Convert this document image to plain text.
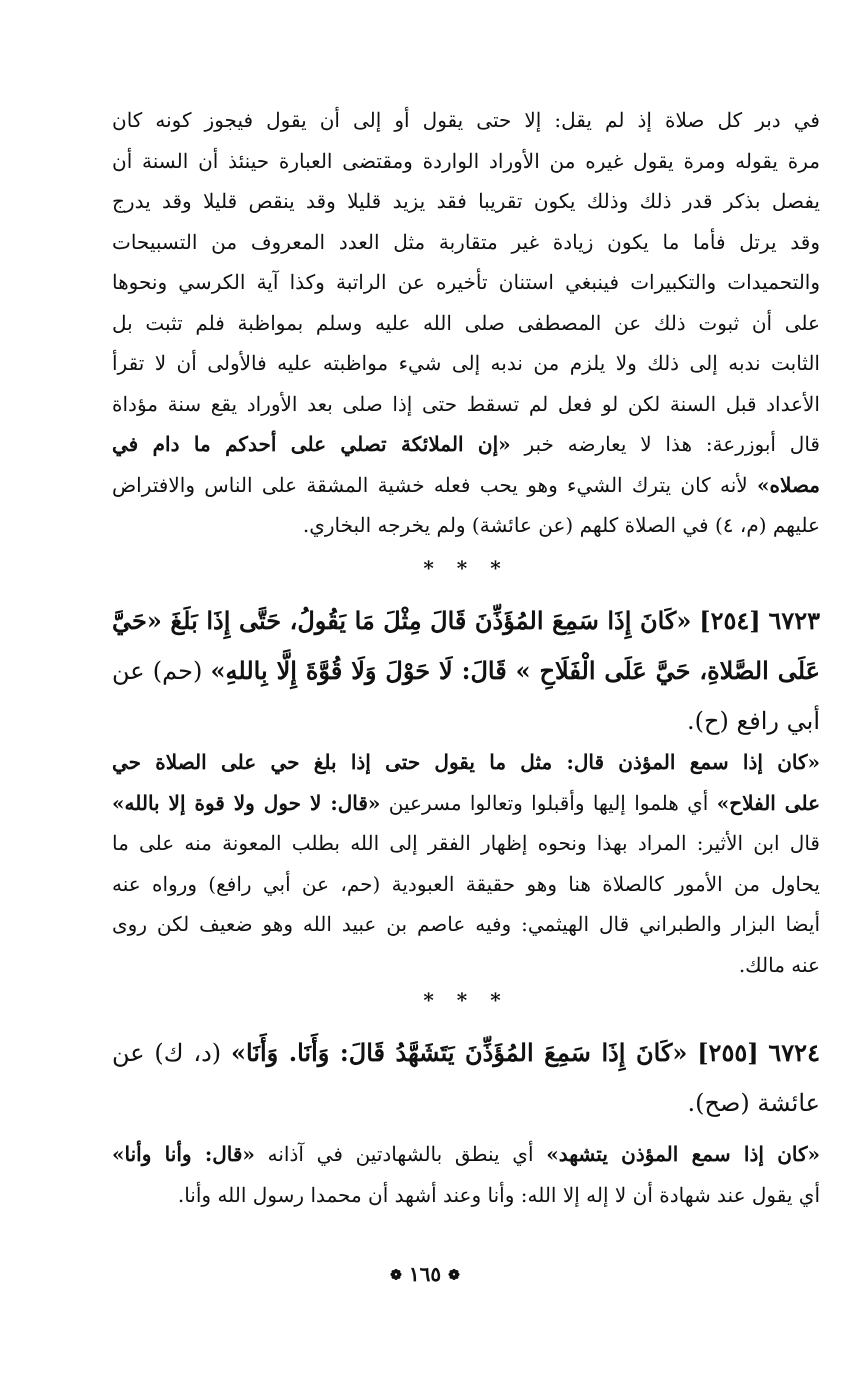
في دبر كل صلاة إذ لم يقل: إلا حتى يقول أو إلى أن يقول فيجوز كونه كان
مرة يقوله ومرة يقول غيره من الأوراد الواردة ومقتضى العبارة حينئذ أن السنة أن
يفصل بذكر قدر ذلك وذلك يكون تقريبا فقد يزيد قليلا وقد ينقص قليلا وقد يدرج
وقد يرتل فأما ما يكون زيادة غير متقاربة مثل العدد المعروف من التسبيحات
والتحميدات والتكبيرات فينبغي استنان تأخيره عن الراتبة وكذا آية الكرسي ونحوها
على أن ثبوت ذلك عن المصطفى صلى الله عليه وسلم بمواظبة فلم تثبت بل
الثابت ندبه إلى ذلك ولا يلزم من ندبه إلى شيء مواظبته عليه فالأولى أن لا تقرأ
الأعداد قبل السنة لكن لو فعل لم تسقط حتى إذا صلى بعد الأوراد يقع سنة مؤداة
قال أبوزرعة: هذا لا يعارضه خبر «إن الملائكة تصلي على أحدكم ما دام في
مصلاه» لأنه كان يترك الشيء وهو يحب فعله خشية المشقة على الناس والافتراض
عليهم (م، ٤) في الصلاة كلهم (عن عائشة) ولم يخرجه البخاري.
* * *
٦٧٢٣ [٢٥٤] «كَانَ إِذَا سَمِعَ المُؤَذِّنَ قَالَ مِثْلَ مَا يَقُولُ، حَتَّى إِذَا بَلَغَ «حَيَّ
عَلَى الصَّلاةِ، حَيَّ عَلَى الْفَلَاحِ » قَالَ: لَا حَوْلَ وَلَا قُوَّةَ إِلَّا بِاللهِ» (حم) عن
أبي رافع (ح).
«كان إذا سمع المؤذن قال: مثل ما يقول حتى إذا بلغ حي على الصلاة حي
على الفلاح» أي هلموا إليها وأقبلوا وتعالوا مسرعين «قال: لا حول ولا قوة إلا بالله»
قال ابن الأثير: المراد بهذا ونحوه إظهار الفقر إلى الله بطلب المعونة منه على ما
يحاول من الأمور كالصلاة هنا وهو حقيقة العبودية (حم، عن أبي رافع) ورواه عنه
أيضا البزار والطبراني قال الهيثمي: وفيه عاصم بن عبيد الله وهو ضعيف لكن روى
عنه مالك.
* * *
٦٧٢٤ [٢٥٥] «كَانَ إِذَا سَمِعَ المُؤَذِّنَ يَتَشَهَّدُ قَالَ: وَأَنَا. وَأَنَا» (د، ك) عن
عائشة (صح).
«كان إذا سمع المؤذن يتشهد» أي ينطق بالشهادتين في آذانه «قال: وأنا وأنا»
أي يقول عند شهادة أن لا إله إلا الله: وأنا وعند أشهد أن محمدا رسول الله وأنا.
❁ ١٦٥ ❁
